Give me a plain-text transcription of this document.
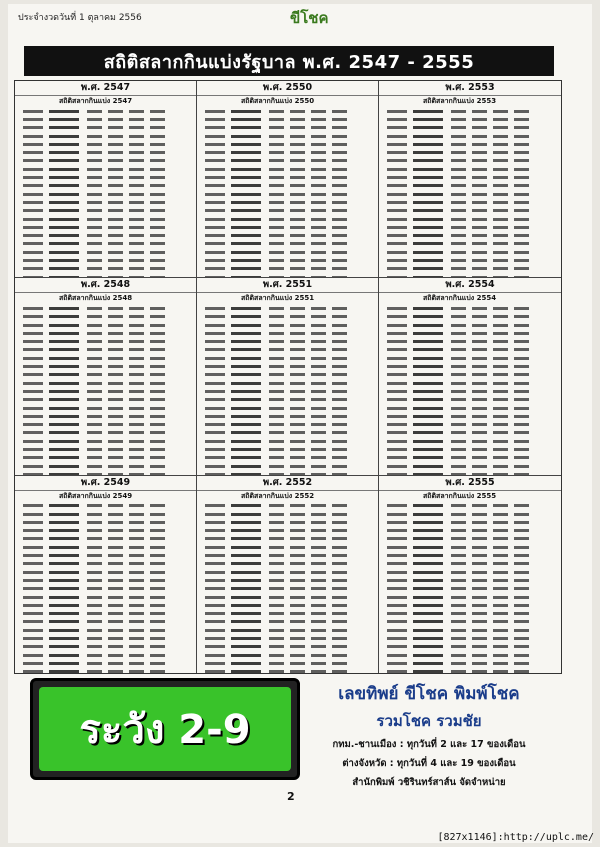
ประจำงวดวันที่ 1 ตุลาคม 2556	ขีโชค
สถิติสลากกินแบ่งรัฐบาล พ.ศ. 2547 - 2555
พ.ศ. 2547
สถิติสลากกินแบ่ง 2547
พ.ศ. 2550
สถิติสลากกินแบ่ง 2550
พ.ศ. 2553
สถิติสลากกินแบ่ง 2553
พ.ศ. 2548
สถิติสลากกินแบ่ง 2548
พ.ศ. 2551
สถิติสลากกินแบ่ง 2551
พ.ศ. 2554
สถิติสลากกินแบ่ง 2554
พ.ศ. 2549
สถิติสลากกินแบ่ง 2549
พ.ศ. 2552
สถิติสลากกินแบ่ง 2552
พ.ศ. 2555
สถิติสลากกินแบ่ง 2555
ระวัง 2-9
เลขทิพย์ ขีโชค พิมพ์โชค
รวมโชค รวมชัย
กทม.-ชานเมือง : ทุกวันที่ 2 และ 17 ของเดือน
ต่างจังหวัด : ทุกวันที่ 4 และ 19 ของเดือน
สำนักพิมพ์ วชิรินทร์สาส์น จัดจำหน่าย
2
[827x1146]:http://uplc.me/
